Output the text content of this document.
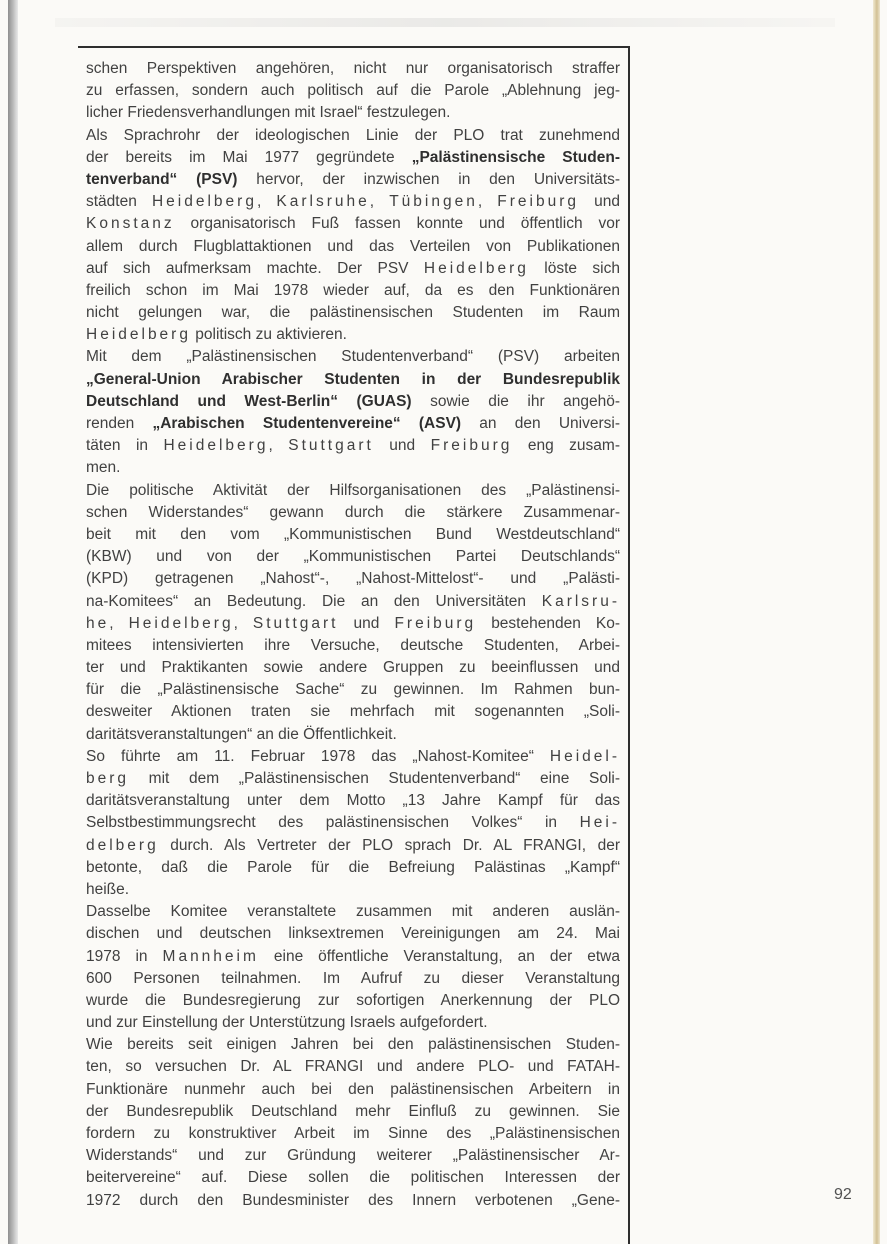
schen Perspektiven angehören, nicht nur organisatorisch straffer
zu erfassen, sondern auch politisch auf die Parole „Ablehnung jeg-
licher Friedensverhandlungen mit Israel“ festzulegen.
Als Sprachrohr der ideologischen Linie der PLO trat zunehmend
der bereits im Mai 1977 gegründete „Palästinensische Studen-
tenverband“ (PSV) hervor, der inzwischen in den Universitäts-
städten Heidelberg, Karlsruhe, Tübingen, Freiburg und
Konstanz organisatorisch Fuß fassen konnte und öffentlich vor
allem durch Flugblattaktionen und das Verteilen von Publikationen
auf sich aufmerksam machte. Der PSV Heidelberg löste sich
freilich schon im Mai 1978 wieder auf, da es den Funktionären
nicht gelungen war, die palästinensischen Studenten im Raum
Heidelberg politisch zu aktivieren.
Mit dem „Palästinensischen Studentenverband“ (PSV) arbeiten
„General-Union Arabischer Studenten in der Bundesrepublik
Deutschland und West-Berlin“ (GUAS) sowie die ihr angehö-
renden „Arabischen Studentenvereine“ (ASV) an den Universi-
täten in Heidelberg, Stuttgart und Freiburg eng zusam-
men.
Die politische Aktivität der Hilfsorganisationen des „Palästinensi-
schen Widerstandes“ gewann durch die stärkere Zusammenar-
beit mit den vom „Kommunistischen Bund Westdeutschland“
(KBW) und von der „Kommunistischen Partei Deutschlands“
(KPD) getragenen „Nahost“-, „Nahost-Mittelost“- und „Palästi-
na-Komitees“ an Bedeutung. Die an den Universitäten Karlsru-
he, Heidelberg, Stuttgart und Freiburg bestehenden Ko-
mitees intensivierten ihre Versuche, deutsche Studenten, Arbei-
ter und Praktikanten sowie andere Gruppen zu beeinflussen und
für die „Palästinensische Sache“ zu gewinnen. Im Rahmen bun-
desweiter Aktionen traten sie mehrfach mit sogenannten „Soli-
daritätsveranstaltungen“ an die Öffentlichkeit.
So führte am 11. Februar 1978 das „Nahost-Komitee“ Heidel-
berg mit dem „Palästinensischen Studentenverband“ eine Soli-
daritätsveranstaltung unter dem Motto „13 Jahre Kampf für das
Selbstbestimmungsrecht des palästinensischen Volkes“ in Hei-
delberg durch. Als Vertreter der PLO sprach Dr. AL FRANGI, der
betonte, daß die Parole für die Befreiung Palästinas „Kampf“
heiße.
Dasselbe Komitee veranstaltete zusammen mit anderen auslän-
dischen und deutschen linksextremen Vereinigungen am 24. Mai
1978 in Mannheim eine öffentliche Veranstaltung, an der etwa
600 Personen teilnahmen. Im Aufruf zu dieser Veranstaltung
wurde die Bundesregierung zur sofortigen Anerkennung der PLO
und zur Einstellung der Unterstützung Israels aufgefordert.
Wie bereits seit einigen Jahren bei den palästinensischen Studen-
ten, so versuchen Dr. AL FRANGI und andere PLO- und FATAH-
Funktionäre nunmehr auch bei den palästinensischen Arbeitern in
der Bundesrepublik Deutschland mehr Einfluß zu gewinnen. Sie
fordern zu konstruktiver Arbeit im Sinne des „Palästinensischen
Widerstands“ und zur Gründung weiterer „Palästinensischer Ar-
beitervereine“ auf. Diese sollen die politischen Interessen der
1972 durch den Bundesminister des Innern verbotenen „Gene-	92
